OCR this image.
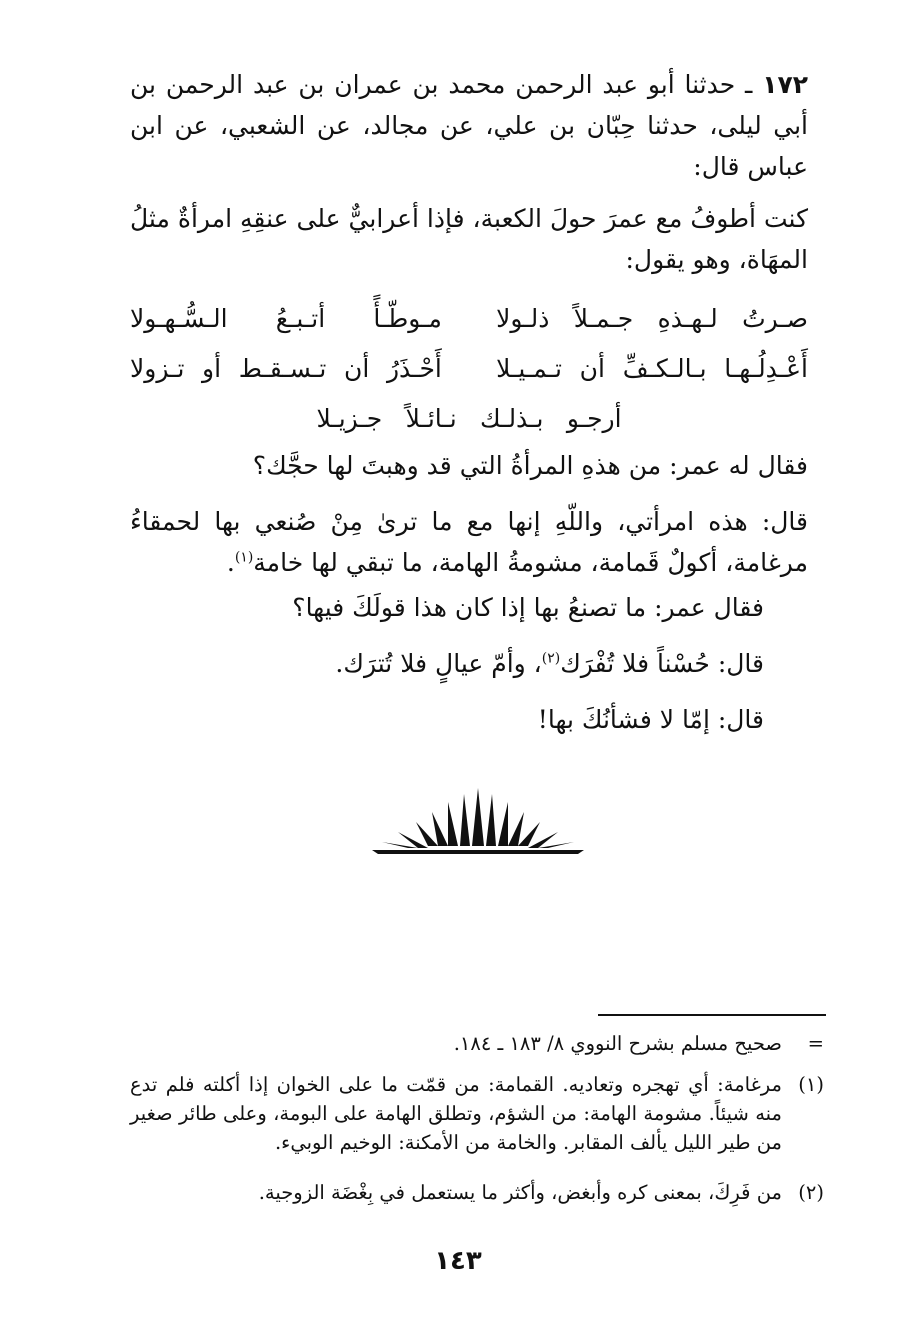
١٧٢ ـ حدثنا أبو عبد الرحمن محمد بن عمران بن عبد الرحمن بن أبي ليلى، حدثنا حِبّان بن علي، عن مجالد، عن الشعبي، عن ابن عباس قال:

كنت أطوفُ مع عمرَ حولَ الكعبة، فإذا أعرابيٌّ على عنقِهِ امرأةٌ مثلُ المهَاة، وهو يقول:

صـرتُ لـهـذهِ جـمـلاً ذلـولا
مـوطّـأً أتـبـعُ الـسُّـهـولا
أَعْـدِلُـهـا بـالـكـفِّ أن تـمـيـلا
أَحْـذَرُ أن تـسـقـط أو تـزولا
أرجـو بـذلـك نـائـلاً جـزيـلا

فقال له عمر: من هذهِ المرأةُ التي قد وهبتَ لها حجَّك؟

قال: هذه امرأتي، واللّهِ إنها مع ما ترىٰ مِنْ صُنعي بها لحمقاءُ مرغامة، أكولٌ قَمامة، مشومةُ الهامة، ما تبقي لها خامة$^{(١)}$.

فقال عمر: ما تصنعُ بها إذا كان هذا قولَكَ فيها؟

قال: حُسْناً فلا تُفْرَك$^{(٢)}$، وأمّ عيالٍ فلا تُترَك.

قال: إمّا لا فشأنُكَ بها!

=
صحيح مسلم بشرح النووي ٨/ ١٨٣ ـ ١٨٤.
(١)
مرغامة: أي تهجره وتعاديه. القمامة: من قمّت ما على الخوان إذا أكلته فلم تدع منه شيئاً. مشومة الهامة: من الشؤم، وتطلق الهامة على البومة، وعلى طائر صغير من طير الليل يألف المقابر. والخامة من الأمكنة: الوخيم الوبيء.
(٢)
من فَرِكَ، بمعنى كره وأبغض، وأكثر ما يستعمل في بِغْضَة الزوجية.
١٤٣
